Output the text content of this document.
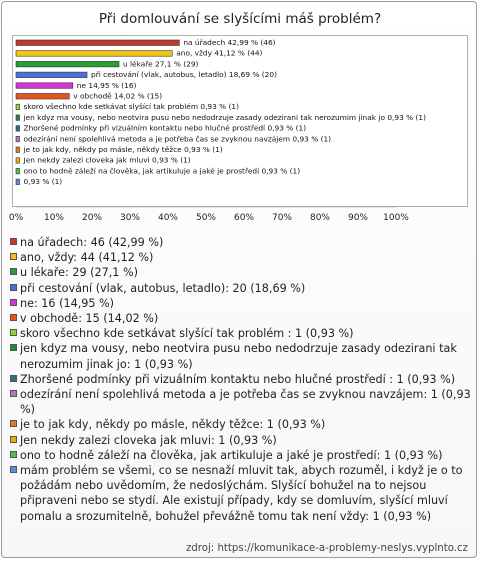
Při domlouvání se slyšícími máš problém?
na úřadech 42,99 % (46)
ano, vždy 41,12 % (44)
u lékaře 27,1 % (29)
při cestování (vlak, autobus, letadlo) 18,69 % (20)
ne 14,95 % (16)
v obchodě 14,02 % (15)
skoro všechno kde setkávat slyšící tak problém 0,93 % (1)
jen kdyz ma vousy, nebo neotvira pusu nebo nedodrzuje zasady odezirani tak nerozumim jinak jo 0,93 % (1)
Zhoršené podmínky při vizuálním kontaktu nebo hlučné prostředí 0,93 % (1)
odezírání není spolehlivá metoda a je potřeba čas se zvyknou navzájem 0,93 % (1)
je to jak kdy, někdy po másle, někdy těžce 0,93 % (1)
Jen nekdy zalezi cloveka jak mluvi 0,93 % (1)
ono to hodně záleží na člověka, jak artikuluje a jaké je prostředí 0,93 % (1)
0,93 % (1)
0% 10% 20% 30% 40% 50% 60% 70% 80% 90% 100%
na úřadech: 46 (42,99 %)
ano, vždy: 44 (41,12 %)
u lékaře: 29 (27,1 %)
při cestování (vlak, autobus, letadlo): 20 (18,69 %)
ne: 16 (14,95 %)
v obchodě: 15 (14,02 %)
skoro všechno kde setkávat slyšící tak problém : 1 (0,93 %)
jen kdyz ma vousy, nebo neotvira pusu nebo nedodrzuje zasady odezirani tak nerozumim jinak jo: 1 (0,93 %)
Zhoršené podmínky při vizuálním kontaktu nebo hlučné prostředí : 1 (0,93 %)
odezírání není spolehlivá metoda a je potřeba čas se zvyknou navzájem: 1 (0,93 %)
je to jak kdy, někdy po másle, někdy těžce: 1 (0,93 %)
Jen nekdy zalezi cloveka jak mluvi: 1 (0,93 %)
ono to hodně záleží na člověka, jak artikuluje a jaké je prostředí: 1 (0,93 %)
mám problém se všemi, co se nesnaží mluvit tak, abych rozuměl, i když je o to požádám nebo uvědomím, že nedoslýchám. Slyšící bohužel na to nejsou připraveni nebo se stydí. Ale existují případy, kdy se domluvím, slyšící mluví pomalu a srozumitelně, bohužel převážně tomu tak není vždy: 1 (0,93 %)
zdroj: https://komunikace-a-problemy-neslys.vyplnto.cz
